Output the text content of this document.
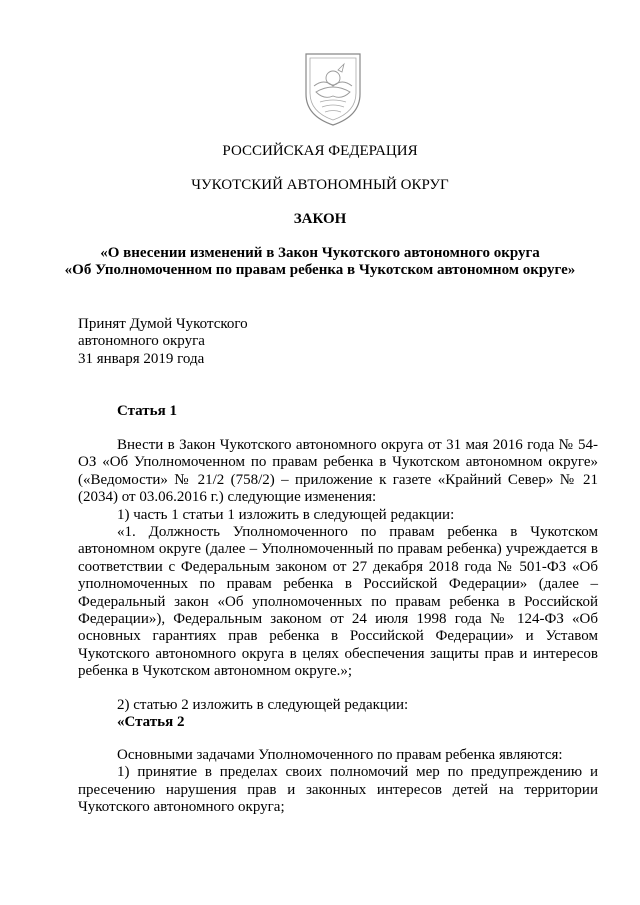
РОССИЙСКАЯ ФЕДЕРАЦИЯ
ЧУКОТСКИЙ АВТОНОМНЫЙ ОКРУГ
ЗАКОН
«О внесении изменений в Закон Чукотского автономного округа
«Об Уполномоченном по правам ребенка в Чукотском автономном округе»

Принят Думой Чукотского

автономного округа

31 января 2019 года

Статья 1

Внести в Закон Чукотского автономного округа от 31 мая 2016 года № 54-ОЗ «Об Уполномоченном по правам ребенка в Чукотском автономном округе» («Ведомости» № 21/2 (758/2) – приложение к газете «Крайний Север» № 21 (2034) от 03.06.2016 г.) следующие изменения:

1) часть 1 статьи 1 изложить в следующей редакции:

«1. Должность Уполномоченного по правам ребенка в Чукотском автономном округе (далее – Уполномоченный по правам ребенка) учреждается в соответствии с Федеральным законом от 27 декабря 2018 года № 501-ФЗ «Об уполномоченных по правам ребенка в Российской Федерации» (далее – Федеральный закон «Об уполномоченных по правам ребенка в Российской Федерации»), Федеральным законом от 24 июля 1998 года № 124-ФЗ «Об основных гарантиях прав ребенка в Российской Федерации» и Уставом Чукотского автономного округа в целях обеспечения защиты прав и интересов ребенка в Чукотском автономном округе.»;

2) статью 2 изложить в следующей редакции:

«Статья 2

Основными задачами Уполномоченного по правам ребенка являются:

1) принятие в пределах своих полномочий мер по предупреждению и пресечению нарушения прав и законных интересов детей на территории Чукотского автономного округа;
